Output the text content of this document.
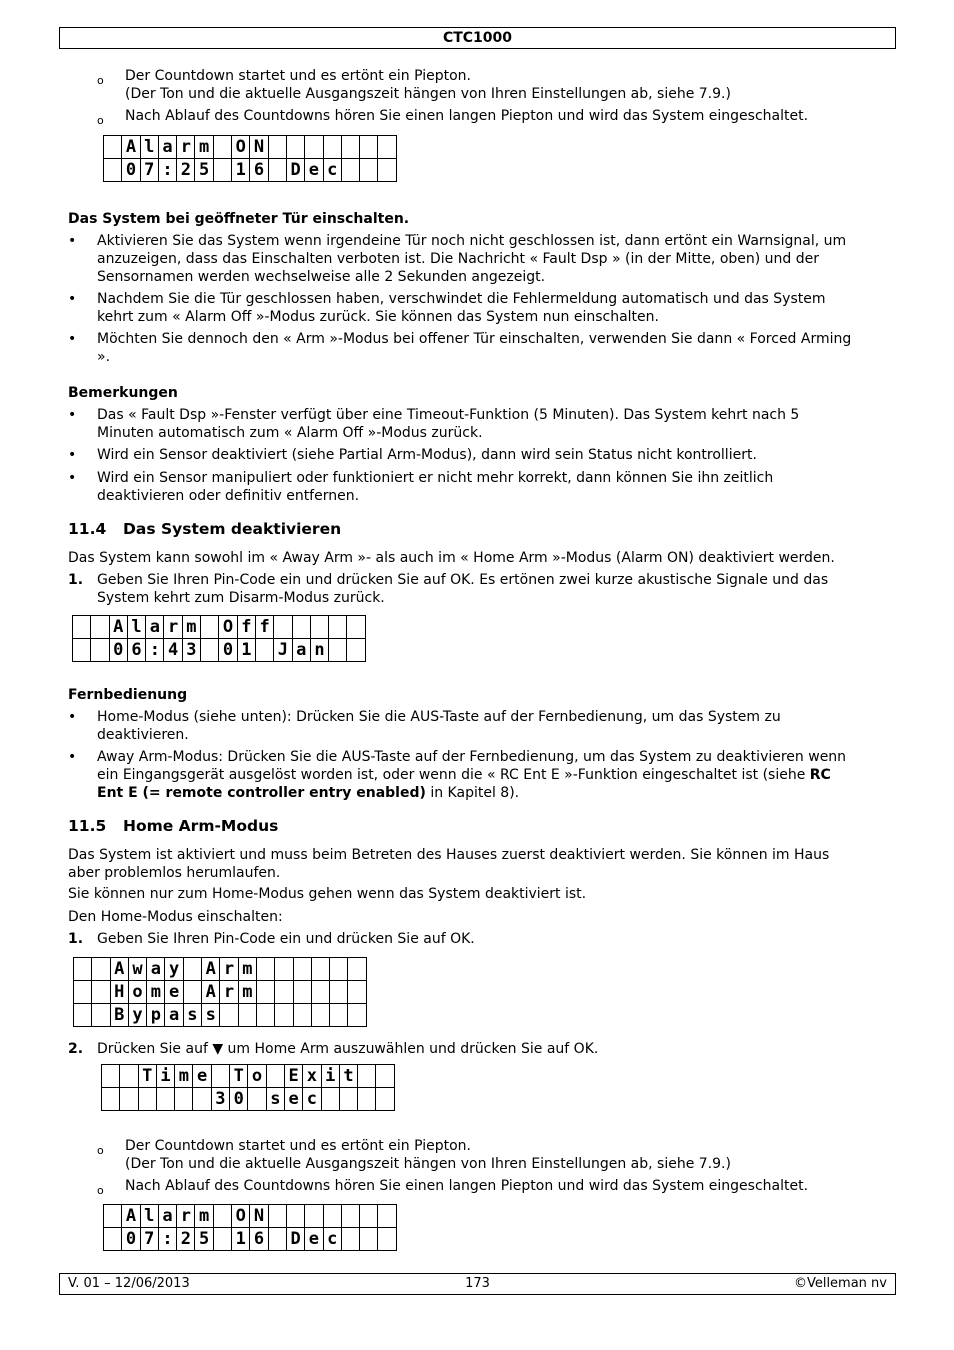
CTC1000
o Der Countdown startet und es ertönt ein Piepton.
(Der Ton und die aktuelle Ausgangszeit hängen von Ihren Einstellungen ab, siehe 7.9.)
o Nach Ablauf des Countdowns hören Sie einen langen Piepton und wird das System eingeschaltet.
	A	l	a	r	m		O	N							
	0	7	:	2	5		1	6		D	e	c			
Das System bei geöffneter Tür einschalten.
• Aktivieren Sie das System wenn irgendeine Tür noch nicht geschlossen ist, dann ertönt ein Warnsignal, um
anzuzeigen, dass das Einschalten verboten ist. Die Nachricht « Fault Dsp » (in der Mitte, oben) und der
Sensornamen werden wechselweise alle 2 Sekunden angezeigt.
• Nachdem Sie die Tür geschlossen haben, verschwindet die Fehlermeldung automatisch und das System
kehrt zum « Alarm Off »-Modus zurück. Sie können das System nun einschalten.
• Möchten Sie dennoch den « Arm »-Modus bei offener Tür einschalten, verwenden Sie dann « Forced Arming
».
Bemerkungen
• Das « Fault Dsp »-Fenster verfügt über eine Timeout-Funktion (5 Minuten). Das System kehrt nach 5
Minuten automatisch zum « Alarm Off »-Modus zurück.
• Wird ein Sensor deaktiviert (siehe Partial Arm-Modus), dann wird sein Status nicht kontrolliert.
• Wird ein Sensor manipuliert oder funktioniert er nicht mehr korrekt, dann können Sie ihn zeitlich
deaktivieren oder definitiv entfernen.
11.4 Das System deaktivieren
Das System kann sowohl im « Away Arm »- als auch im « Home Arm »-Modus (Alarm ON) deaktiviert werden.
1. Geben Sie Ihren Pin-Code ein und drücken Sie auf OK. Es ertönen zwei kurze akustische Signale und das
System kehrt zum Disarm-Modus zurück.
		A	l	a	r	m		O	f	f					
		0	6	:	4	3		0	1		J	a	n		
Fernbedienung
• Home-Modus (siehe unten): Drücken Sie die AUS-Taste auf der Fernbedienung, um das System zu
deaktivieren.
• Away Arm-Modus: Drücken Sie die AUS-Taste auf der Fernbedienung, um das System zu deaktivieren wenn
ein Eingangsgerät ausgelöst worden ist, oder wenn die « RC Ent E »-Funktion eingeschaltet ist (siehe RC
Ent E (= remote controller entry enabled) in Kapitel 8).
11.5 Home Arm-Modus
Das System ist aktiviert und muss beim Betreten des Hauses zuerst deaktiviert werden. Sie können im Haus
aber problemlos herumlaufen.
Sie können nur zum Home-Modus gehen wenn das System deaktiviert ist.
Den Home-Modus einschalten:
1. Geben Sie Ihren Pin-Code ein und drücken Sie auf OK.
		A	w	a	y		A	r	m						
		H	o	m	e		A	r	m						
		B	y	p	a	s	s								
2. Drücken Sie auf ▼ um Home Arm auszuwählen und drücken Sie auf OK.
		T	i	m	e		T	o		E	x	i	t		
						3	0		s	e	c				
o Der Countdown startet und es ertönt ein Piepton.
(Der Ton und die aktuelle Ausgangszeit hängen von Ihren Einstellungen ab, siehe 7.9.)
o Nach Ablauf des Countdowns hören Sie einen langen Piepton und wird das System eingeschaltet.
	A	l	a	r	m		O	N							
	0	7	:	2	5		1	6		D	e	c			
V. 01 – 12/06/2013	173	©Velleman nv
